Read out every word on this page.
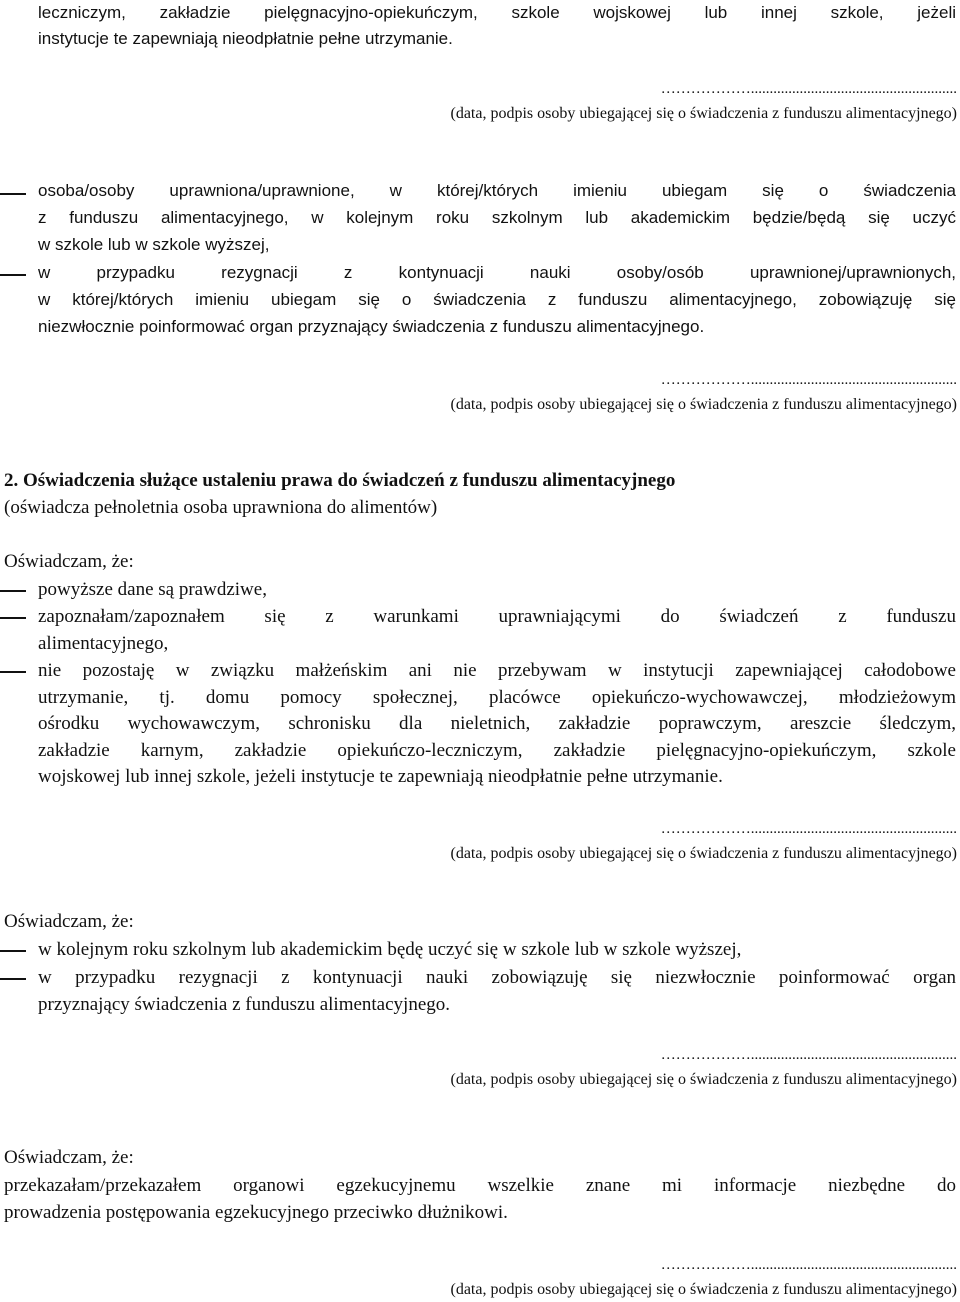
leczniczym, zakładzie pielęgnacyjno-opiekuńczym, szkole wojskowej lub innej szkole, jeżeli
instytucje te zapewniają nieodpłatnie pełne utrzymanie.
……………….......................................................
(data, podpis osoby ubiegającej się o świadczenia z funduszu alimentacyjnego)
osoba/osoby uprawniona/uprawnione, w której/których imieniu ubiegam się o świadczenia
z funduszu alimentacyjnego, w kolejnym roku szkolnym lub akademickim będzie/będą się uczyć
w szkole lub w szkole wyższej,
w przypadku rezygnacji z kontynuacji nauki osoby/osób uprawnionej/uprawnionych,
w której/których imieniu ubiegam się o świadczenia z funduszu alimentacyjnego, zobowiązuję się
niezwłocznie poinformować organ przyznający świadczenia z funduszu alimentacyjnego.
……………….......................................................
(data, podpis osoby ubiegającej się o świadczenia z funduszu alimentacyjnego)
2. Oświadczenia służące ustaleniu prawa do świadczeń z funduszu alimentacyjnego
(oświadcza pełnoletnia osoba uprawniona do alimentów)
Oświadczam, że:
powyższe dane są prawdziwe,
zapoznałam/zapoznałem się z warunkami uprawniającymi do świadczeń z funduszu
alimentacyjnego,
nie pozostaję w związku małżeńskim ani nie przebywam w instytucji zapewniającej całodobowe
utrzymanie, tj. domu pomocy społecznej, placówce opiekuńczo-wychowawczej, młodzieżowym
ośrodku wychowawczym, schronisku dla nieletnich, zakładzie poprawczym, areszcie śledczym,
zakładzie karnym, zakładzie opiekuńczo-leczniczym, zakładzie pielęgnacyjno-opiekuńczym, szkole
wojskowej lub innej szkole, jeżeli instytucje te zapewniają nieodpłatnie pełne utrzymanie.
……………….......................................................
(data, podpis osoby ubiegającej się o świadczenia z funduszu alimentacyjnego)
Oświadczam, że:
w kolejnym roku szkolnym lub akademickim będę uczyć się w szkole lub w szkole wyższej,
w przypadku rezygnacji z kontynuacji nauki zobowiązuję się niezwłocznie poinformować organ
przyznający świadczenia z funduszu alimentacyjnego.
……………….......................................................
(data, podpis osoby ubiegającej się o świadczenia z funduszu alimentacyjnego)
Oświadczam, że:
przekazałam/przekazałem organowi egzekucyjnemu wszelkie znane mi informacje niezbędne do
prowadzenia postępowania egzekucyjnego przeciwko dłużnikowi.
……………….......................................................
(data, podpis osoby ubiegającej się o świadczenia z funduszu alimentacyjnego)
